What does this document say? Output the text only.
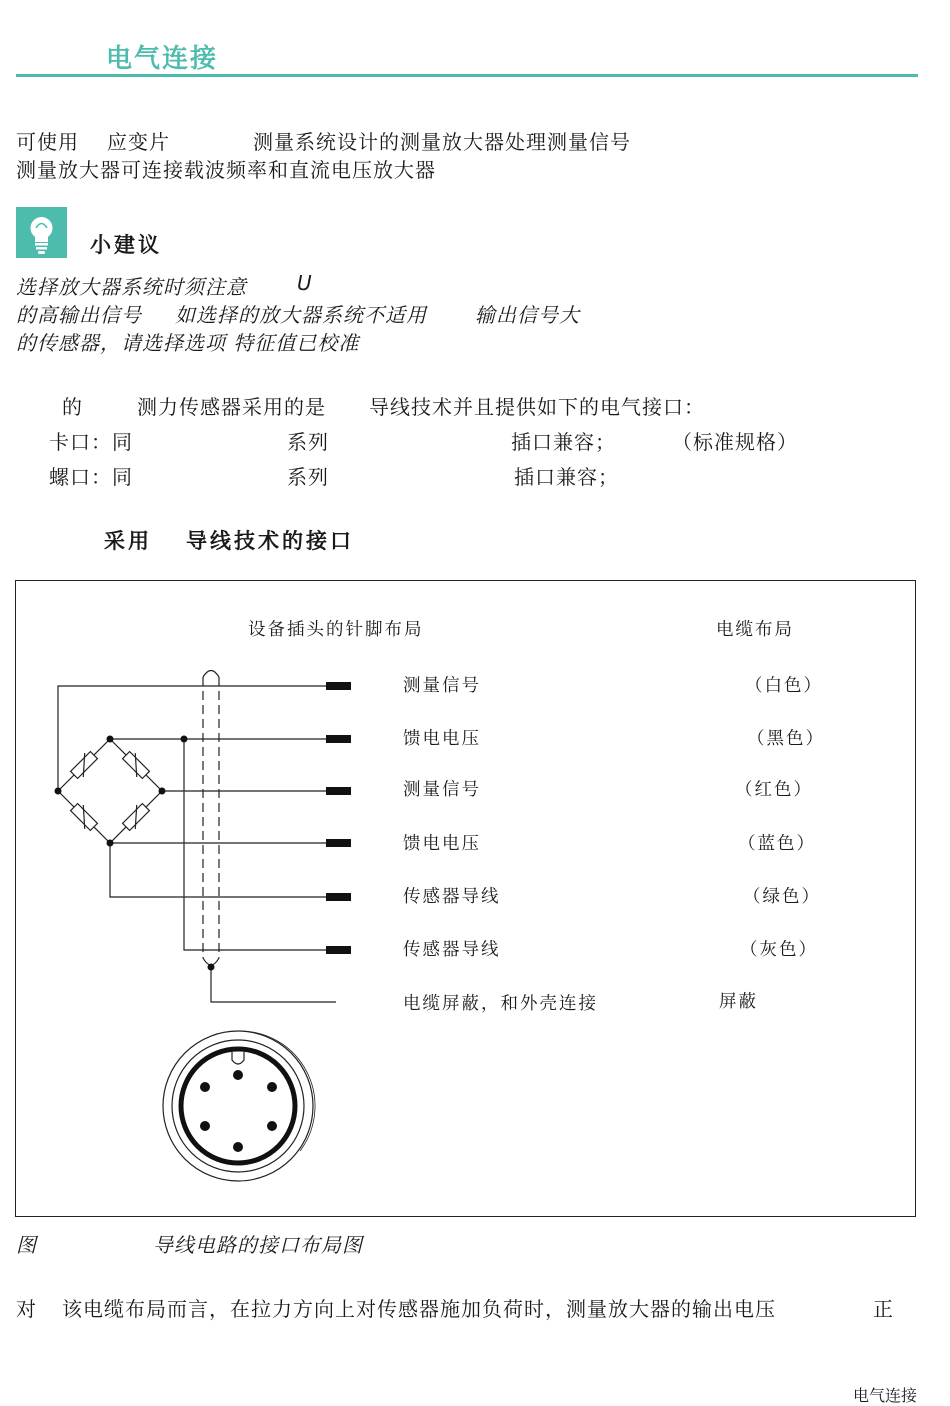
电气连接
可使用 应变片	测量系统设计的测量放大器处理测量信号
测量放大器可连接载波频率和直流电压放大器
小建议
选择放大器系统时须注意	U
的高输出信号 如选择的放大器系统不适用 输出信号大
的传感器，请选择选项 特征值已校准
的	测力传感器采用的是 导线技术并且提供如下的电气接口：
卡口：同	系列	插口兼容；	（标准规格）
螺口：同	系列	插口兼容；
采用 导线技术的接口
设备插头的针脚布局	电缆布局
测量信号	（白色）
馈电电压	（黑色）
测量信号	（红色）
馈电电压	（蓝色）
传感器导线	（绿色）
传感器导线	（灰色）
电缆屏蔽，和外壳连接	屏蔽
图	导线电路的接口布局图
对 该电缆布局而言，在拉力方向上对传感器施加负荷时，测量放大器的输出电压	正
电气连接
